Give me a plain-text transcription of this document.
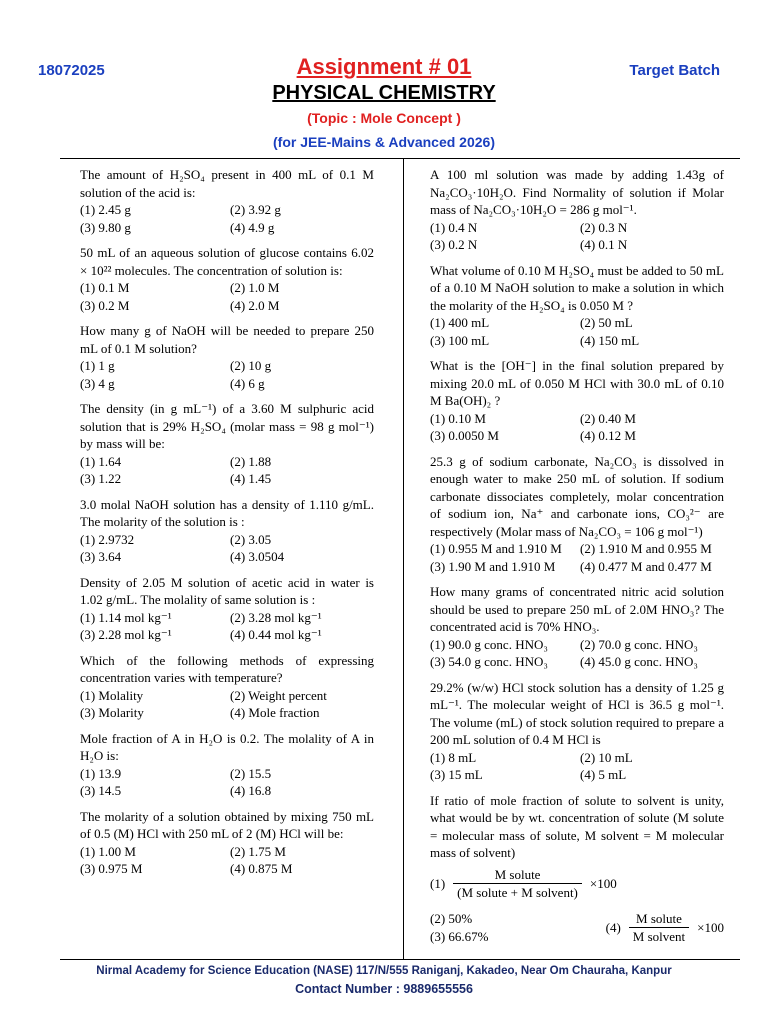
18072025	Target Batch
Assignment # 01
PHYSICAL CHEMISTRY
(Topic : Mole Concept )
(for JEE-Mains & Advanced 2026)
The amount of H₂SO₄ present in 400 mL of 0.1 M solution of the acid is:
(1) 2.45 g	(2) 3.92 g
(3) 9.80 g	(4) 4.9 g
50 mL of an aqueous solution of glucose contains 6.02 × 10²² molecules. The concentration of solution is:
(1) 0.1 M	(2) 1.0 M
(3) 0.2 M	(4) 2.0 M
How many g of NaOH will be needed to prepare 250 mL of 0.1 M solution?
(1) 1 g	(2) 10 g
(3) 4 g	(4) 6 g
The density (in g mL⁻¹) of a 3.60 M sulphuric acid solution that is 29% H₂SO₄ (molar mass = 98 g mol⁻¹) by mass will be:
(1) 1.64	(2) 1.88
(3) 1.22	(4) 1.45
3.0 molal NaOH solution has a density of 1.110 g/mL. The molarity of the solution is :
(1) 2.9732	(2) 3.05
(3) 3.64	(4) 3.0504
Density of 2.05 M solution of acetic acid in water is 1.02 g/mL. The molality of same solution is :
(1) 1.14 mol kg⁻¹	(2) 3.28 mol kg⁻¹
(3) 2.28 mol kg⁻¹	(4) 0.44 mol kg⁻¹
Which of the following methods of expressing concentration varies with temperature?
(1) Molality	(2) Weight percent
(3) Molarity	(4) Mole fraction
Mole fraction of A in H₂O is 0.2. The molality of A in H₂O is:
(1) 13.9	(2) 15.5
(3) 14.5	(4) 16.8
The molarity of a solution obtained by mixing 750 mL of 0.5 (M) HCl with 250 mL of 2 (M) HCl will be:
(1) 1.00 M	(2) 1.75 M
(3) 0.975 M	(4) 0.875 M
A 100 ml solution was made by adding 1.43g of Na₂CO₃·10H₂O. Find Normality of solution if Molar mass of Na₂CO₃·10H₂O = 286 g mol⁻¹.
(1) 0.4 N	(2) 0.3 N
(3) 0.2 N	(4) 0.1 N
What volume of 0.10 M H₂SO₄ must be added to 50 mL of a 0.10 M NaOH solution to make a solution in which the molarity of the H₂SO₄ is 0.050 M ?
(1) 400 mL	(2) 50 mL
(3) 100 mL	(4) 150 mL
What is the [OH⁻] in the final solution prepared by mixing 20.0 mL of 0.050 M HCl with 30.0 mL of 0.10 M Ba(OH)₂ ?
(1) 0.10 M	(2) 0.40 M
(3) 0.0050 M	(4) 0.12 M
25.3 g of sodium carbonate, Na₂CO₃ is dissolved in enough water to make 250 mL of solution. If sodium carbonate dissociates completely, molar concentration of sodium ion, Na⁺ and carbonate ions, CO₃²⁻ are respectively (Molar mass of Na₂CO₃ = 106 g mol⁻¹)
(1) 0.955 M and 1.910 M	(2) 1.910 M and 0.955 M
(3) 1.90 M and 1.910 M	(4) 0.477 M and 0.477 M
How many grams of concentrated nitric acid solution should be used to prepare 250 mL of 2.0M HNO₃? The concentrated acid is 70% HNO₃.
(1) 90.0 g conc. HNO₃	(2) 70.0 g conc. HNO₃
(3) 54.0 g conc. HNO₃	(4) 45.0 g conc. HNO₃
29.2% (w/w) HCl stock solution has a density of 1.25 g mL⁻¹. The molecular weight of HCl is 36.5 g mol⁻¹. The volume (mL) of stock solution required to prepare a 200 mL solution of 0.4 M HCl is
(1) 8 mL	(2) 10 mL
(3) 15 mL	(4) 5 mL
If ratio of mole fraction of solute to solvent is unity, what would be by wt. concentration of solute (M solute = molecular mass of solute, M solvent = M molecular mass of solvent)
$(1) \frac{\text{M solute}}{\text{(M solute + M solvent)}} \times 100$
(2) 50%
(3) 66.67%
$(4) \frac{\text{M solute}}{\text{M solvent}} \times 100$
Nirmal Academy for Science Education (NASE) 117/N/555 Raniganj, Kakadeo, Near Om Chauraha, Kanpur
Contact Number : 9889655556
